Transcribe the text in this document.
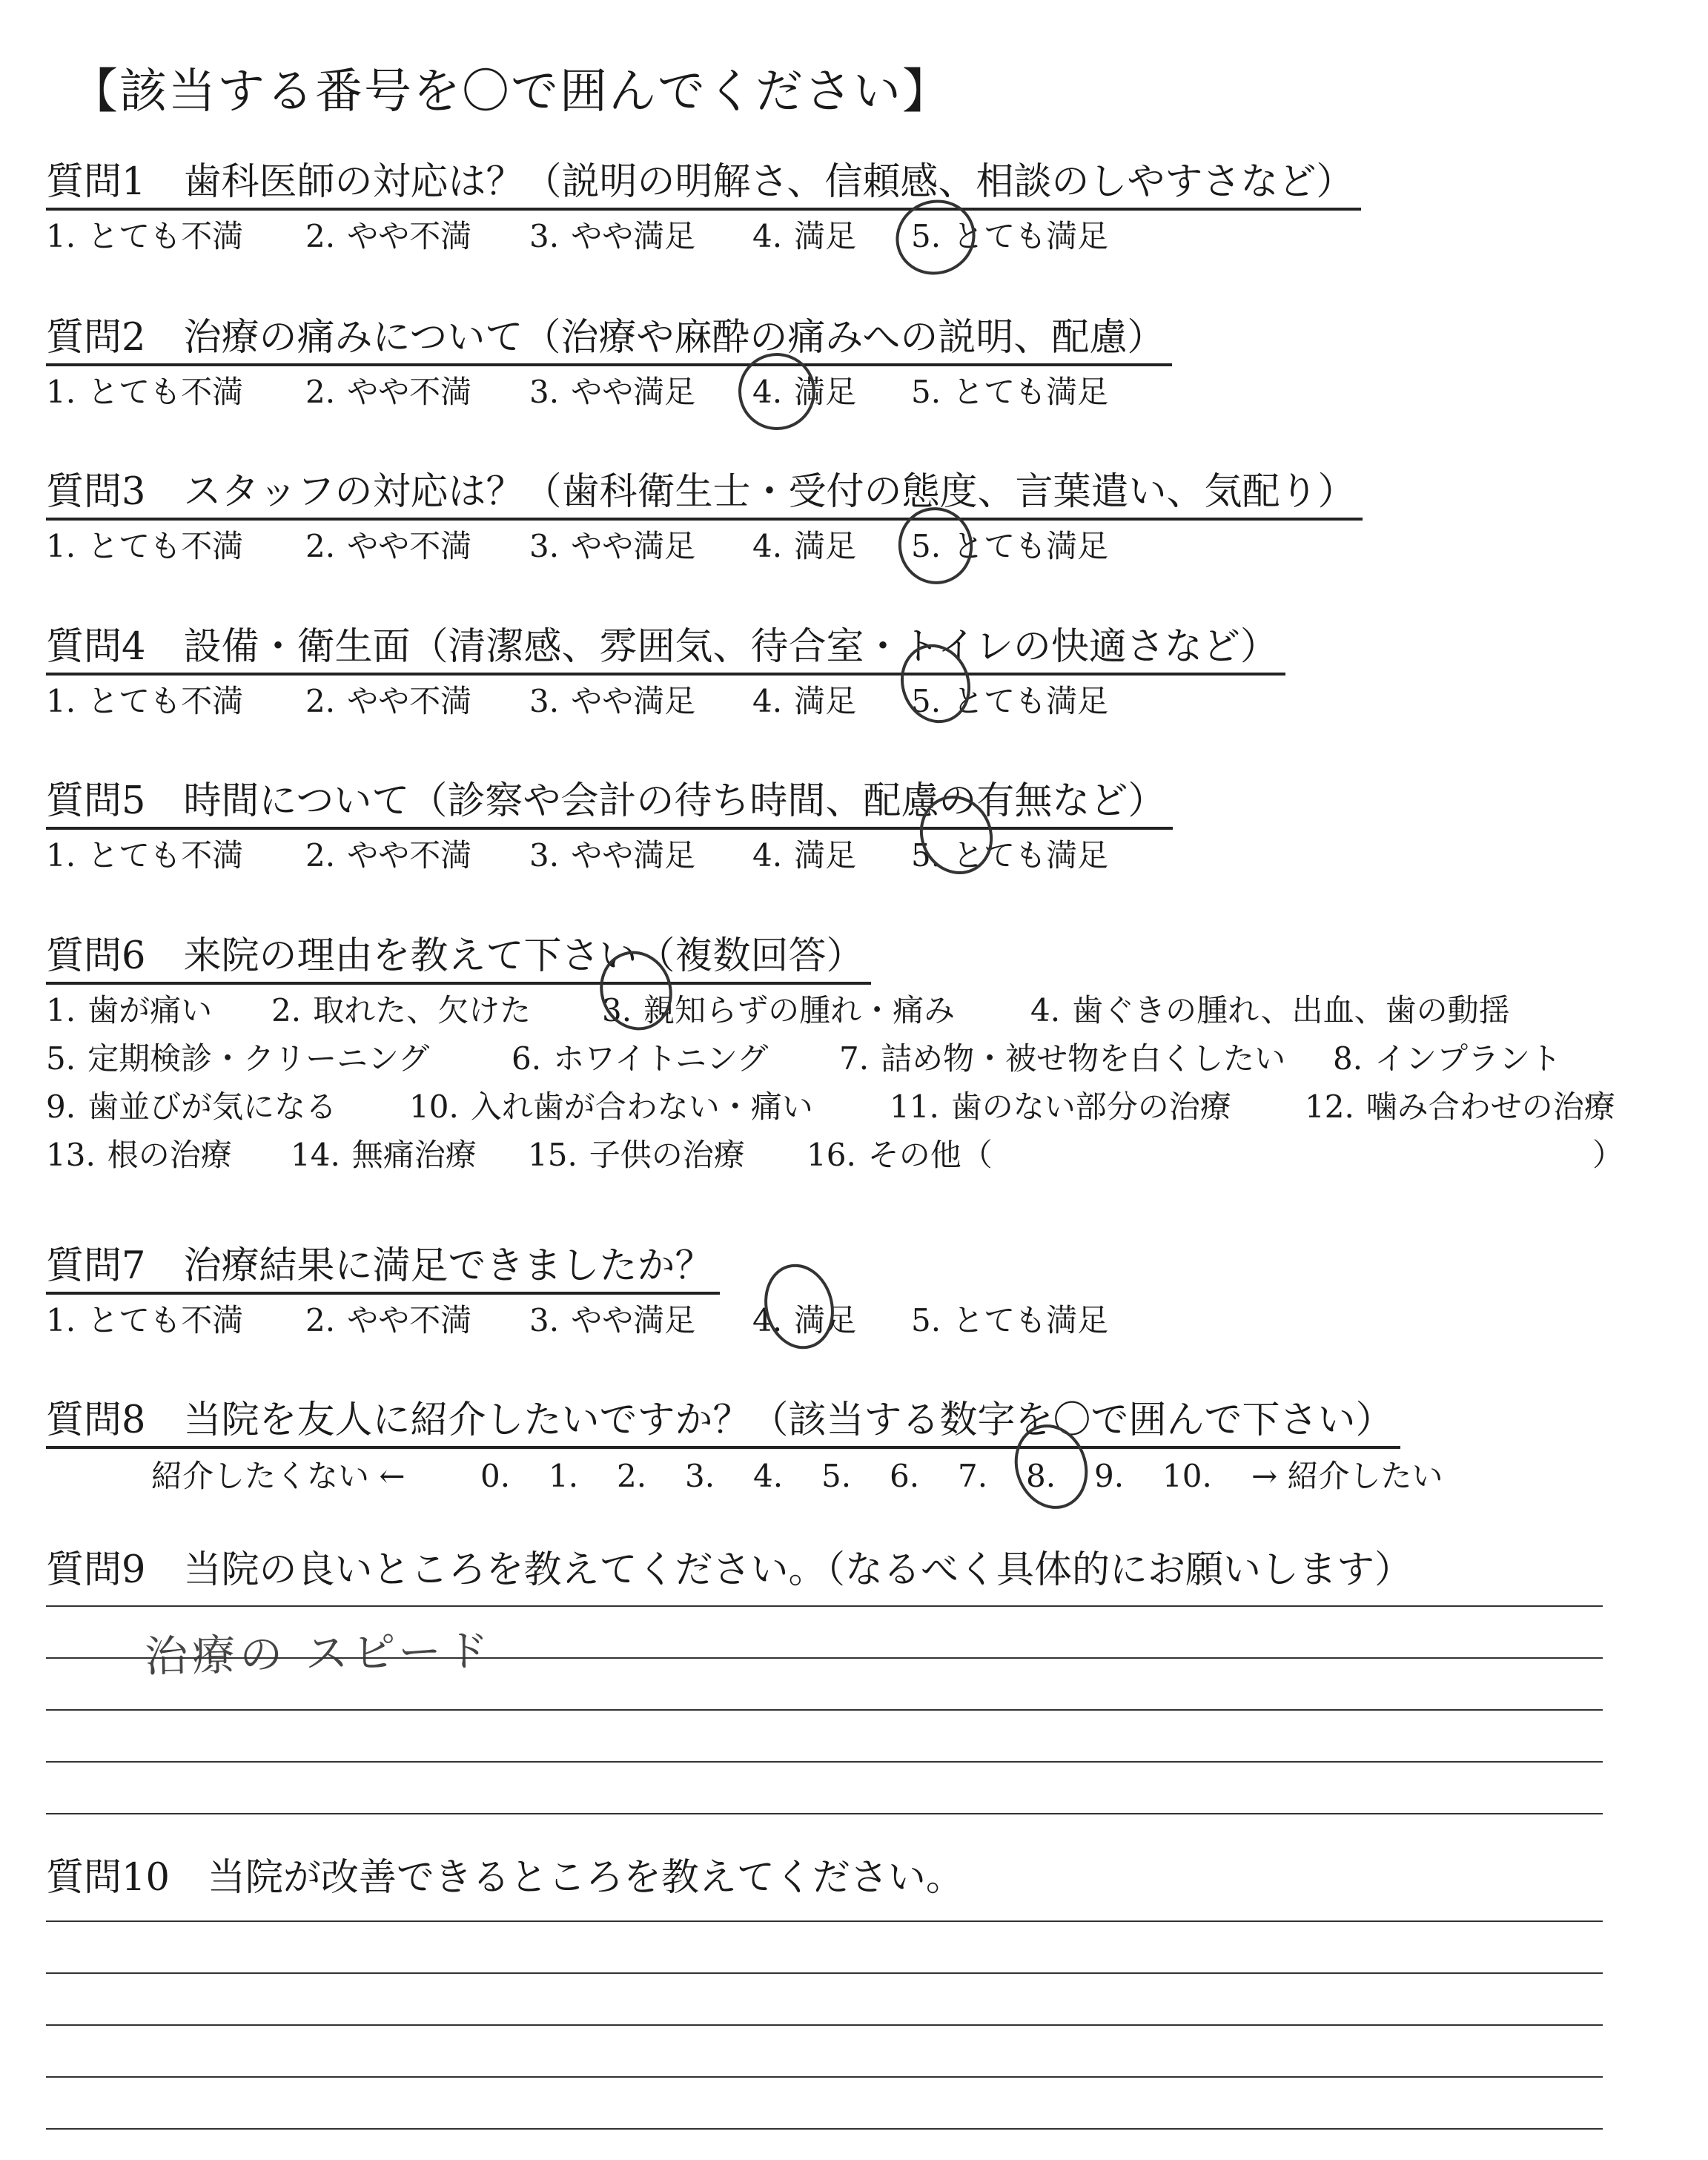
【該当する番号を〇で囲んでください】
質問1　歯科医師の対応は？（説明の明解さ、信頼感、相談のしやすさなど）
1. とても不満 2. やや不満 3. やや満足 4. 満足 5. とても満足
質問2　治療の痛みについて（治療や麻酔の痛みへの説明、配慮）
1. とても不満 2. やや不満 3. やや満足 4. 満足 5. とても満足
質問3　スタッフの対応は？（歯科衛生士・受付の態度、言葉遣い、気配り）
1. とても不満 2. やや不満 3. やや満足 4. 満足 5. とても満足
質問4　設備・衛生面（清潔感、雰囲気、待合室・トイレの快適さなど）
1. とても不満 2. やや不満 3. やや満足 4. 満足 5. とても満足
質問5　時間について（診察や会計の待ち時間、配慮の有無など）
1. とても不満 2. やや不満 3. やや満足 4. 満足 5. とても満足
質問6　来院の理由を教えて下さい（複数回答）
1. 歯が痛い 2. 取れた、欠けた 3. 親知らずの腫れ・痛み 4. 歯ぐきの腫れ、出血、歯の動揺
5. 定期検診・クリーニング	6. ホワイトニング 7. 詰め物・被せ物を白くしたい 8. インプラント
9. 歯並びが気になる 10. 入れ歯が合わない・痛い 11. 歯のない部分の治療 12. 噛み合わせの治療
13. 根の治療 14. 無痛治療 15. 子供の治療 16. その他（	）
質問7　治療結果に満足できましたか？
1. とても不満 2. やや不満 3. やや満足 4. 満足 5. とても満足
質問8　当院を友人に紹介したいですか？（該当する数字を〇で囲んで下さい）
紹介したくない ← 0. 1. 2. 3. 4. 5. 6. 7. 8. 9. 10. → 紹介したい
質問9　当院の良いところを教えてください。（なるべく具体的にお願いします）
治療の スピード
質問10　当院が改善できるところを教えてください。
